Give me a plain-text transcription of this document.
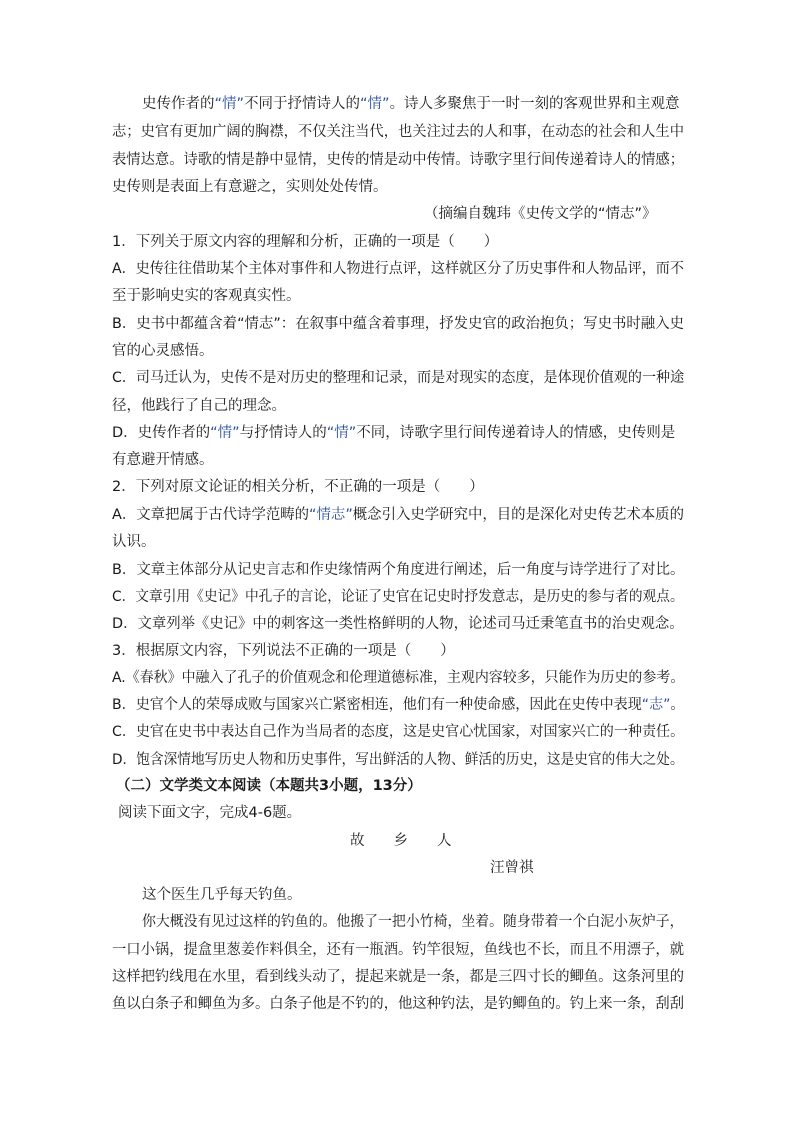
史传作者的“情”不同于抒情诗人的“情”。诗人多聚焦于一时一刻的客观世界和主观意
志；史官有更加广阔的胸襟，不仅关注当代，也关注过去的人和事，在动态的社会和人生中
表情达意。诗歌的情是静中显情，史传的情是动中传情。诗歌字里行间传递着诗人的情感；
史传则是表面上有意避之，实则处处传情。
（摘编自魏玮《史传文学的“情志”》
1．下列关于原文内容的理解和分析，正确的一项是（　　）
A．史传往往借助某个主体对事件和人物进行点评，这样就区分了历史事件和人物品评，而不
至于影响史实的客观真实性。
B．史书中都蕴含着“情志”：在叙事中蕴含着事理，抒发史官的政治抱负；写史书时融入史
官的心灵感悟。
C．司马迁认为，史传不是对历史的整理和记录，而是对现实的态度，是体现价值观的一种途
径，他践行了自己的理念。
D．史传作者的“情”与抒情诗人的“情”不同，诗歌字里行间传递着诗人的情感，史传则是
有意避开情感。
2．下列对原文论证的相关分析，不正确的一项是（　　）
A．文章把属于古代诗学范畴的“情志”概念引入史学研究中，目的是深化对史传艺术本质的
认识。
B．文章主体部分从记史言志和作史缘情两个角度进行阐述，后一角度与诗学进行了对比。
C．文章引用《史记》中孔子的言论，论证了史官在记史时抒发意志，是历史的参与者的观点。
D．文章列举《史记》中的刺客这一类性格鲜明的人物，论述司马迁秉笔直书的治史观念。
3．根据原文内容，下列说法不正确的一项是（　　）
A.《春秋》中融入了孔子的价值观念和伦理道德标准，主观内容较多，只能作为历史的参考。
B．史官个人的荣辱成败与国家兴亡紧密相连，他们有一种使命感，因此在史传中表现“志”。
C．史官在史书中表达自己作为当局者的态度，这是史官心忧国家，对国家兴亡的一种责任。
D．饱含深情地写历史人物和历史事件，写出鲜活的人物、鲜活的历史，这是史官的伟大之处。
（二）文学类文本阅读（本题共3小题，13分）
阅读下面文字，完成4-6题。
故　　乡　　人
汪曾祺
这个医生几乎每天钓鱼。
你大概没有见过这样的钓鱼的。他搬了一把小竹椅，坐着。随身带着一个白泥小灰炉子，
一口小锅，提盒里葱姜作料俱全，还有一瓶酒。钓竿很短，鱼线也不长，而且不用漂子，就
这样把钓线甩在水里，看到线头动了，提起来就是一条，都是三四寸长的鲫鱼。这条河里的
鱼以白条子和鲫鱼为多。白条子他是不钓的，他这种钓法，是钓鲫鱼的。钓上来一条，刮刮
